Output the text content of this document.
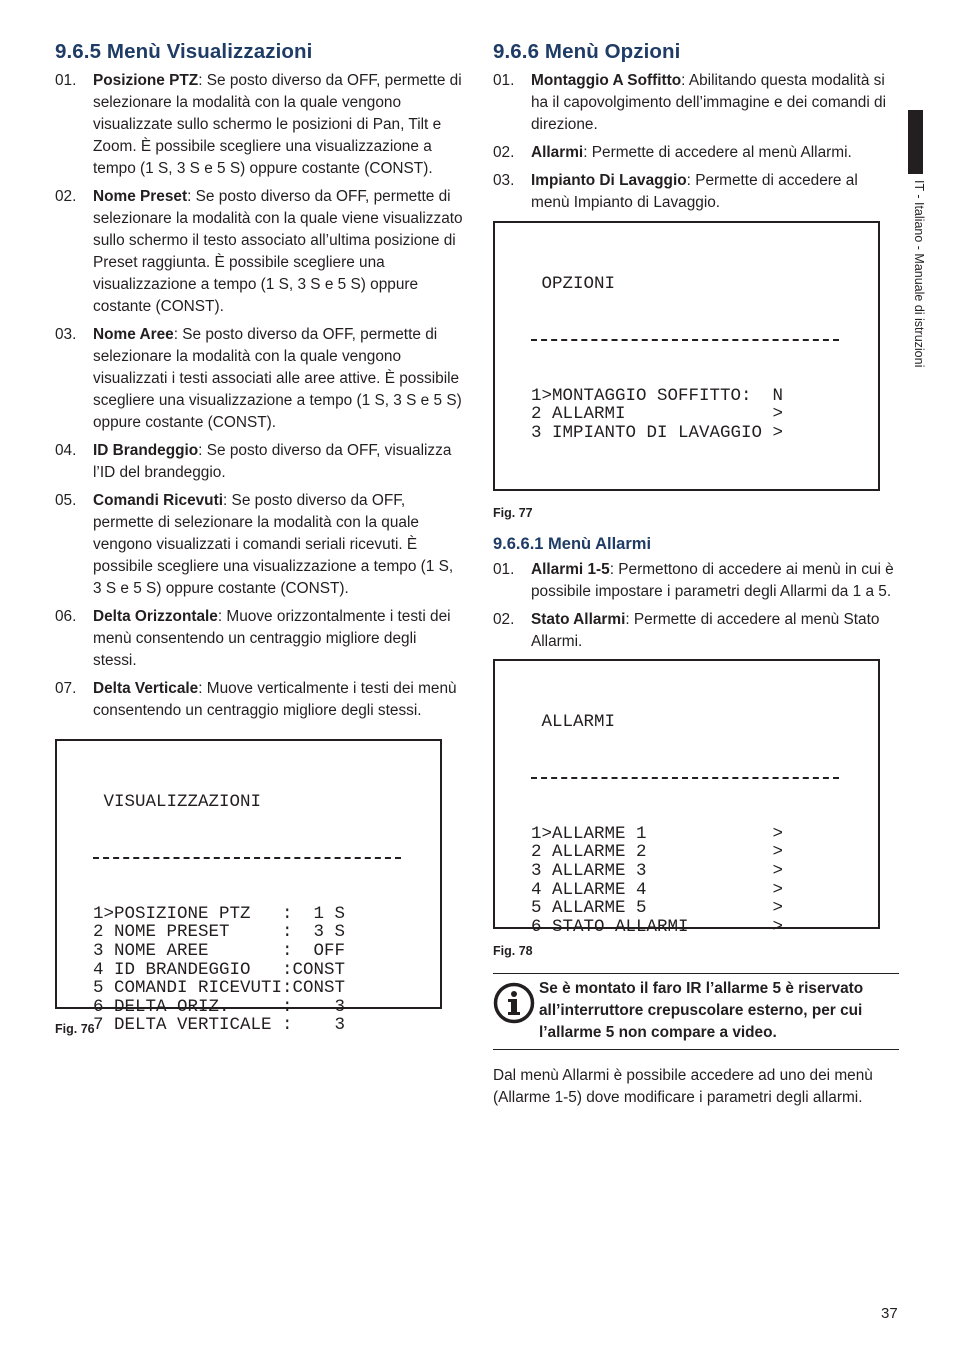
IT - Italiano - Manuale di istruzioni
9.6.5 Menù Visualizzazioni
01.	Posizione PTZ: Se posto diverso da OFF, permette di selezionare la modalità con la quale vengono visualizzate sullo schermo le posizioni di Pan, Tilt e Zoom. È possibile scegliere una visualizzazione a tempo (1 S, 3 S e 5 S) oppure costante (CONST).
02.	Nome Preset: Se posto diverso da OFF, permette di selezionare la modalità con la quale viene visualizzato sullo schermo il testo associato all’ultima posizione di Preset raggiunta. È possibile scegliere una visualizzazione a tempo (1 S, 3 S e 5 S) oppure costante (CONST).
03.	Nome Aree: Se posto diverso da OFF, permette di selezionare la modalità con la quale vengono visualizzati i testi associati alle aree attive. È possibile scegliere una visualizzazione a tempo (1 S, 3 S e 5 S) oppure costante (CONST).
04.	ID Brandeggio: Se posto diverso da OFF, visualizza l’ID del brandeggio.
05.	Comandi Ricevuti: Se posto diverso da OFF, permette di selezionare la modalità con la quale vengono visualizzati i comandi seriali ricevuti. È possibile scegliere una visualizzazione a tempo (1 S, 3 S e 5 S) oppure costante (CONST).
06.	Delta Orizzontale: Muove orizzontalmente i testi dei menù consentendo un centraggio migliore degli stessi.
07.	Delta Verticale: Muove verticalmente i testi dei menù consentendo un centraggio migliore degli stessi.

VISUALIZZAZIONI

1>POSIZIONE PTZ   :  1 S
2 NOME PRESET     :  3 S
3 NOME AREE       :  OFF
4 ID BRANDEGGIO   :CONST
5 COMANDI RICEVUTI:CONST
6 DELTA ORIZ.     :    3
7 DELTA VERTICALE :    3

Fig. 76

9.6.6 Menù Opzioni
01.	Montaggio A Soffitto: Abilitando questa modalità si ha il capovolgimento dell’immagine e dei comandi di direzione.
02.	Allarmi: Permette di accedere al menù Allarmi.
03.	Impianto Di Lavaggio: Permette di accedere al menù Impianto di Lavaggio.

OPZIONI

1>MONTAGGIO SOFFITTO:  N
2 ALLARMI              >
3 IMPIANTO DI LAVAGGIO >

Fig. 77

9.6.6.1 Menù Allarmi
01.	Allarmi 1-5: Permettono di accedere ai menù in cui è possibile impostare i parametri degli Allarmi da 1 a 5.
02.	Stato Allarmi: Permette di accedere al menù Stato Allarmi.

ALLARMI

1>ALLARME 1            >
2 ALLARME 2            >
3 ALLARME 3            >
4 ALLARME 4            >
5 ALLARME 5            >
6 STATO ALLARMI        >

Fig. 78

Se è montato il faro IR l’allarme 5 è riservato all’interruttore crepuscolare esterno, per cui l’allarme 5 non compare a video.

Dal menù Allarmi è possibile accedere ad uno dei menù (Allarme 1-5) dove modificare i parametri degli allarmi.

37
